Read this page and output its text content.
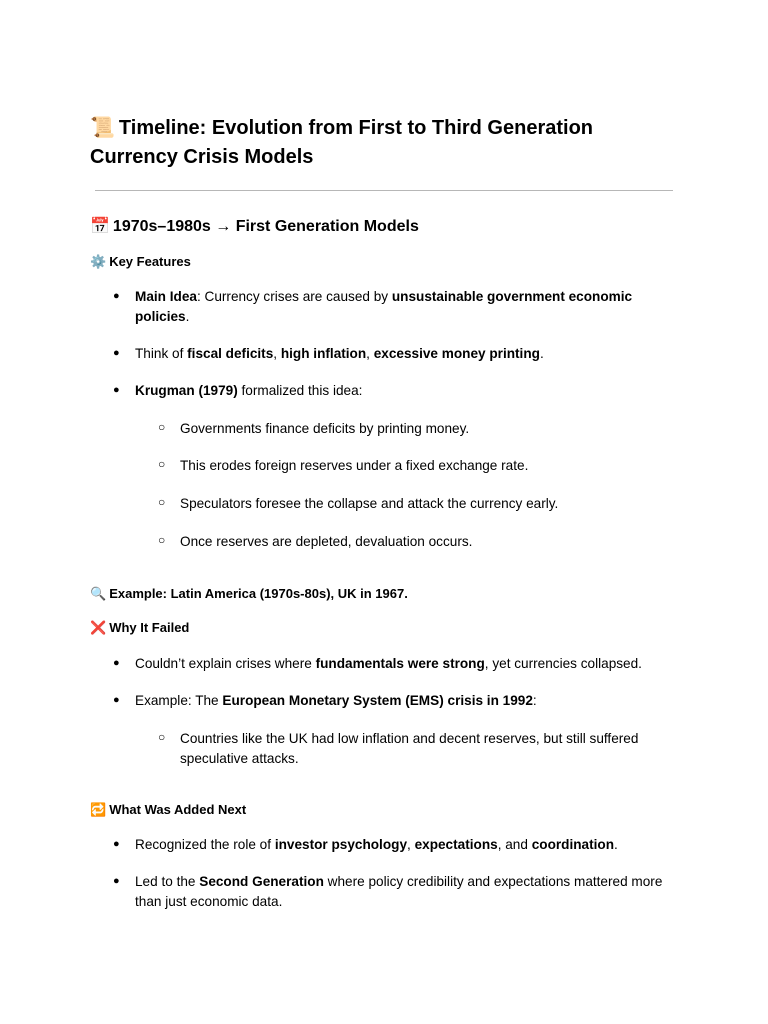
📜 Timeline: Evolution from First to Third Generation Currency Crisis Models
📅 1970s–1980s → First Generation Models
⚙️ Key Features
● Main Idea: Currency crises are caused by unsustainable government economic policies.
● Think of fiscal deficits, high inflation, excessive money printing.
● Krugman (1979) formalized this idea:
○ Governments finance deficits by printing money.
○ This erodes foreign reserves under a fixed exchange rate.
○ Speculators foresee the collapse and attack the currency early.
○ Once reserves are depleted, devaluation occurs.
🔍 Example: Latin America (1970s-80s), UK in 1967.
❌ Why It Failed
● Couldn’t explain crises where fundamentals were strong, yet currencies collapsed.
● Example: The European Monetary System (EMS) crisis in 1992:
○ Countries like the UK had low inflation and decent reserves, but still suffered speculative attacks.
🔁 What Was Added Next
● Recognized the role of investor psychology, expectations, and coordination.
● Led to the Second Generation where policy credibility and expectations mattered more than just economic data.
